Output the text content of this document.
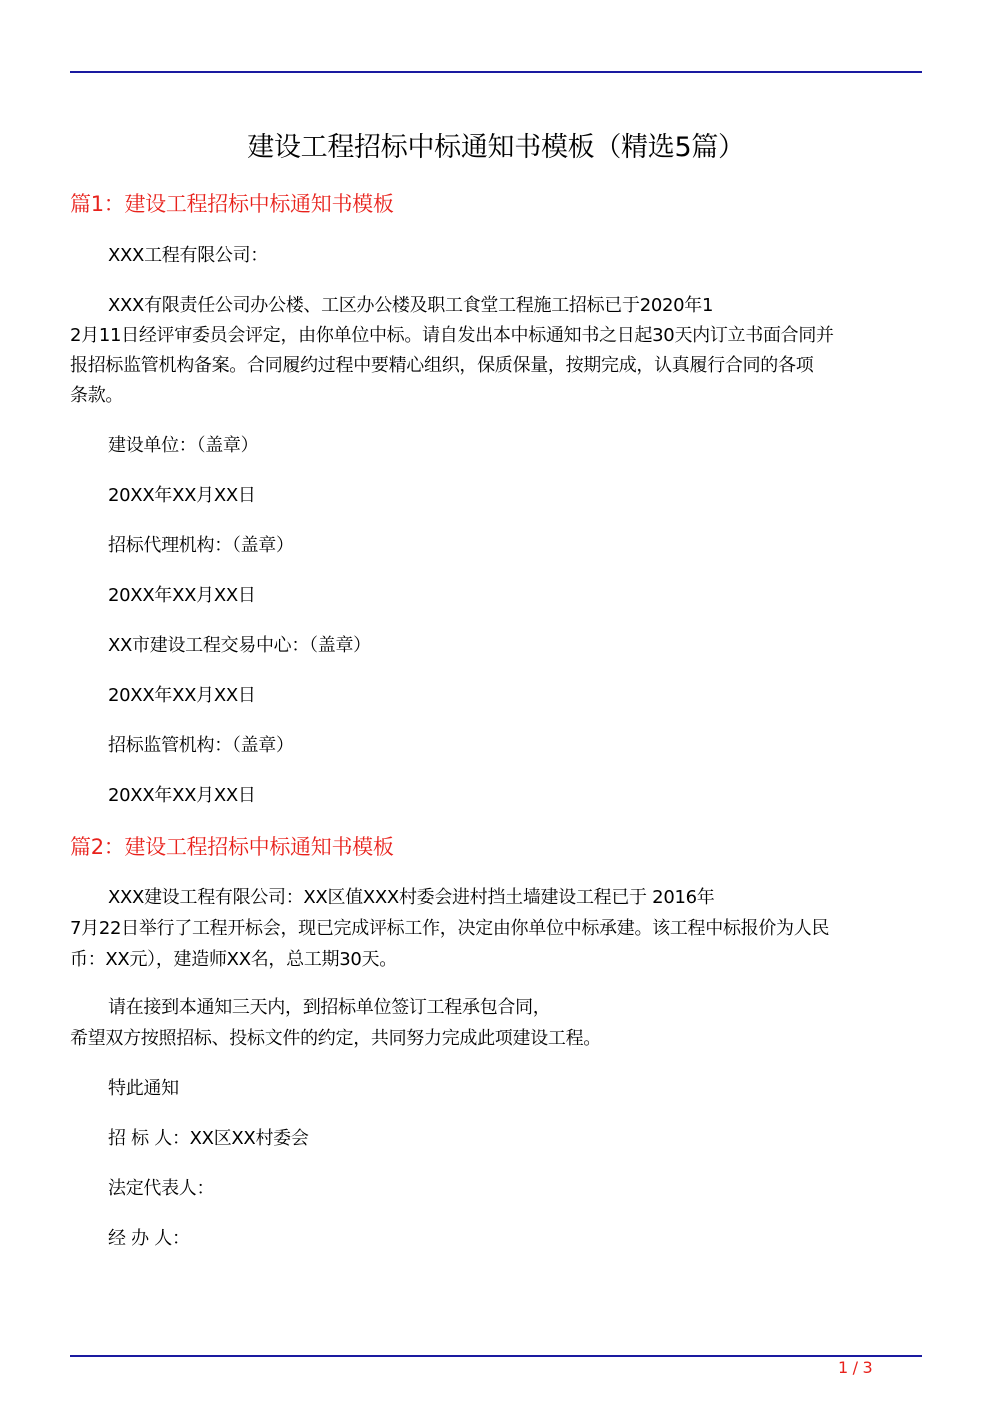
建设工程招标中标通知书模板（精选5篇）
篇1：建设工程招标中标通知书模板
XXX工程有限公司：
XXX有限责任公司办公楼、工区办公楼及职工食堂工程施工招标已于2020年1
2月11日经评审委员会评定，由你单位中标。请自发出本中标通知书之日起30天内订立书面合同并
报招标监管机构备案。合同履约过程中要精心组织，保质保量，按期完成，认真履行合同的各项
条款。
建设单位：（盖章）
20XX年XX月XX日
招标代理机构：（盖章）
20XX年XX月XX日
XX市建设工程交易中心：（盖章）
20XX年XX月XX日
招标监管机构：（盖章）
20XX年XX月XX日
篇2：建设工程招标中标通知书模板
XXX建设工程有限公司：XX区值XXX村委会进村挡土墙建设工程已于 2016年
7月22日举行了工程开标会，现已完成评标工作，决定由你单位中标承建。该工程中标报价为人民
币：XX元），建造师XX名，总工期30天。
请在接到本通知三天内，到招标单位签订工程承包合同，
希望双方按照招标、投标文件的约定，共同努力完成此项建设工程。
特此通知
招 标 人：XX区XX村委会
法定代表人：
经 办 人：
1 / 3
